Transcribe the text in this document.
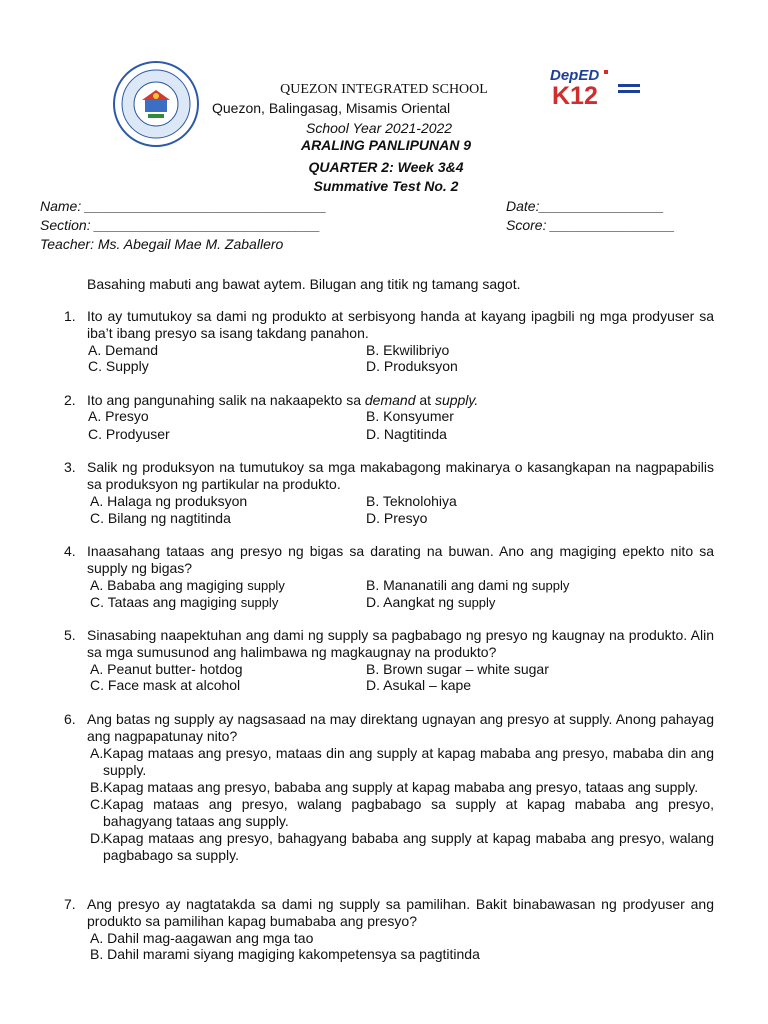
DepED
K12
QUEZON INTEGRATED SCHOOL
Quezon, Balingasag, Misamis Oriental
School Year 2021-2022
ARALING PANLIPUNAN 9
QUARTER 2: Week 3&4
Summative Test No. 2
Name: _______________________________
Section: _____________________________
Teacher: Ms. Abegail Mae M. Zaballero
Date:________________
Score: ________________
Basahing mabuti ang bawat aytem. Bilugan ang titik ng tamang sagot.
1. Ito ay tumutukoy sa dami ng produkto at serbisyong handa at kayang ipagbili ng mga prodyuser sa iba’t ibang presyo sa isang takdang panahon.
A. Demand	B. Ekwilibriyo
C. Supply	D. Produksyon
2. Ito ang pangunahing salik na nakaapekto sa demand at supply.
A. Presyo	B. Konsyumer
C. Prodyuser	D. Nagtitinda
3. Salik ng produksyon na tumutukoy sa mga makabagong makinarya o kasangkapan na nagpapabilis sa produksyon ng partikular na produkto.
A. Halaga ng produksyon	B. Teknolohiya
C. Bilang ng nagtitinda	D. Presyo
4. Inaasahang tataas ang presyo ng bigas sa darating na buwan. Ano ang magiging epekto nito sa supply ng bigas?
A. Bababa ang magiging supply	B. Mananatili ang dami ng supply
C. Tataas ang magiging supply	D. Aangkat ng supply
5. Sinasabing naapektuhan ang dami ng supply sa pagbabago ng presyo ng kaugnay na produkto. Alin sa mga sumusunod ang halimbawa ng magkaugnay na produkto?
A. Peanut butter- hotdog	B. Brown sugar – white sugar
C. Face mask at alcohol	D. Asukal – kape
6. Ang batas ng supply ay nagsasaad na may direktang ugnayan ang presyo at supply. Anong pahayag ang nagpapatunay nito?
A. Kapag mataas ang presyo, mataas din ang supply at kapag mababa ang presyo, mababa din ang supply.
B. Kapag mataas ang presyo, bababa ang supply at kapag mababa ang presyo, tataas ang supply.
C. Kapag mataas ang presyo, walang pagbabago sa supply at kapag mababa ang presyo, bahagyang tataas ang supply.
D. Kapag mataas ang presyo, bahagyang bababa ang supply at kapag mababa ang presyo, walang pagbabago sa supply.
7. Ang presyo ay nagtatakda sa dami ng supply sa pamilihan. Bakit binabawasan ng prodyuser ang produkto sa pamilihan kapag bumababa ang presyo?
A. Dahil mag-aagawan ang mga tao
B. Dahil marami siyang magiging kakompetensya sa pagtitinda
